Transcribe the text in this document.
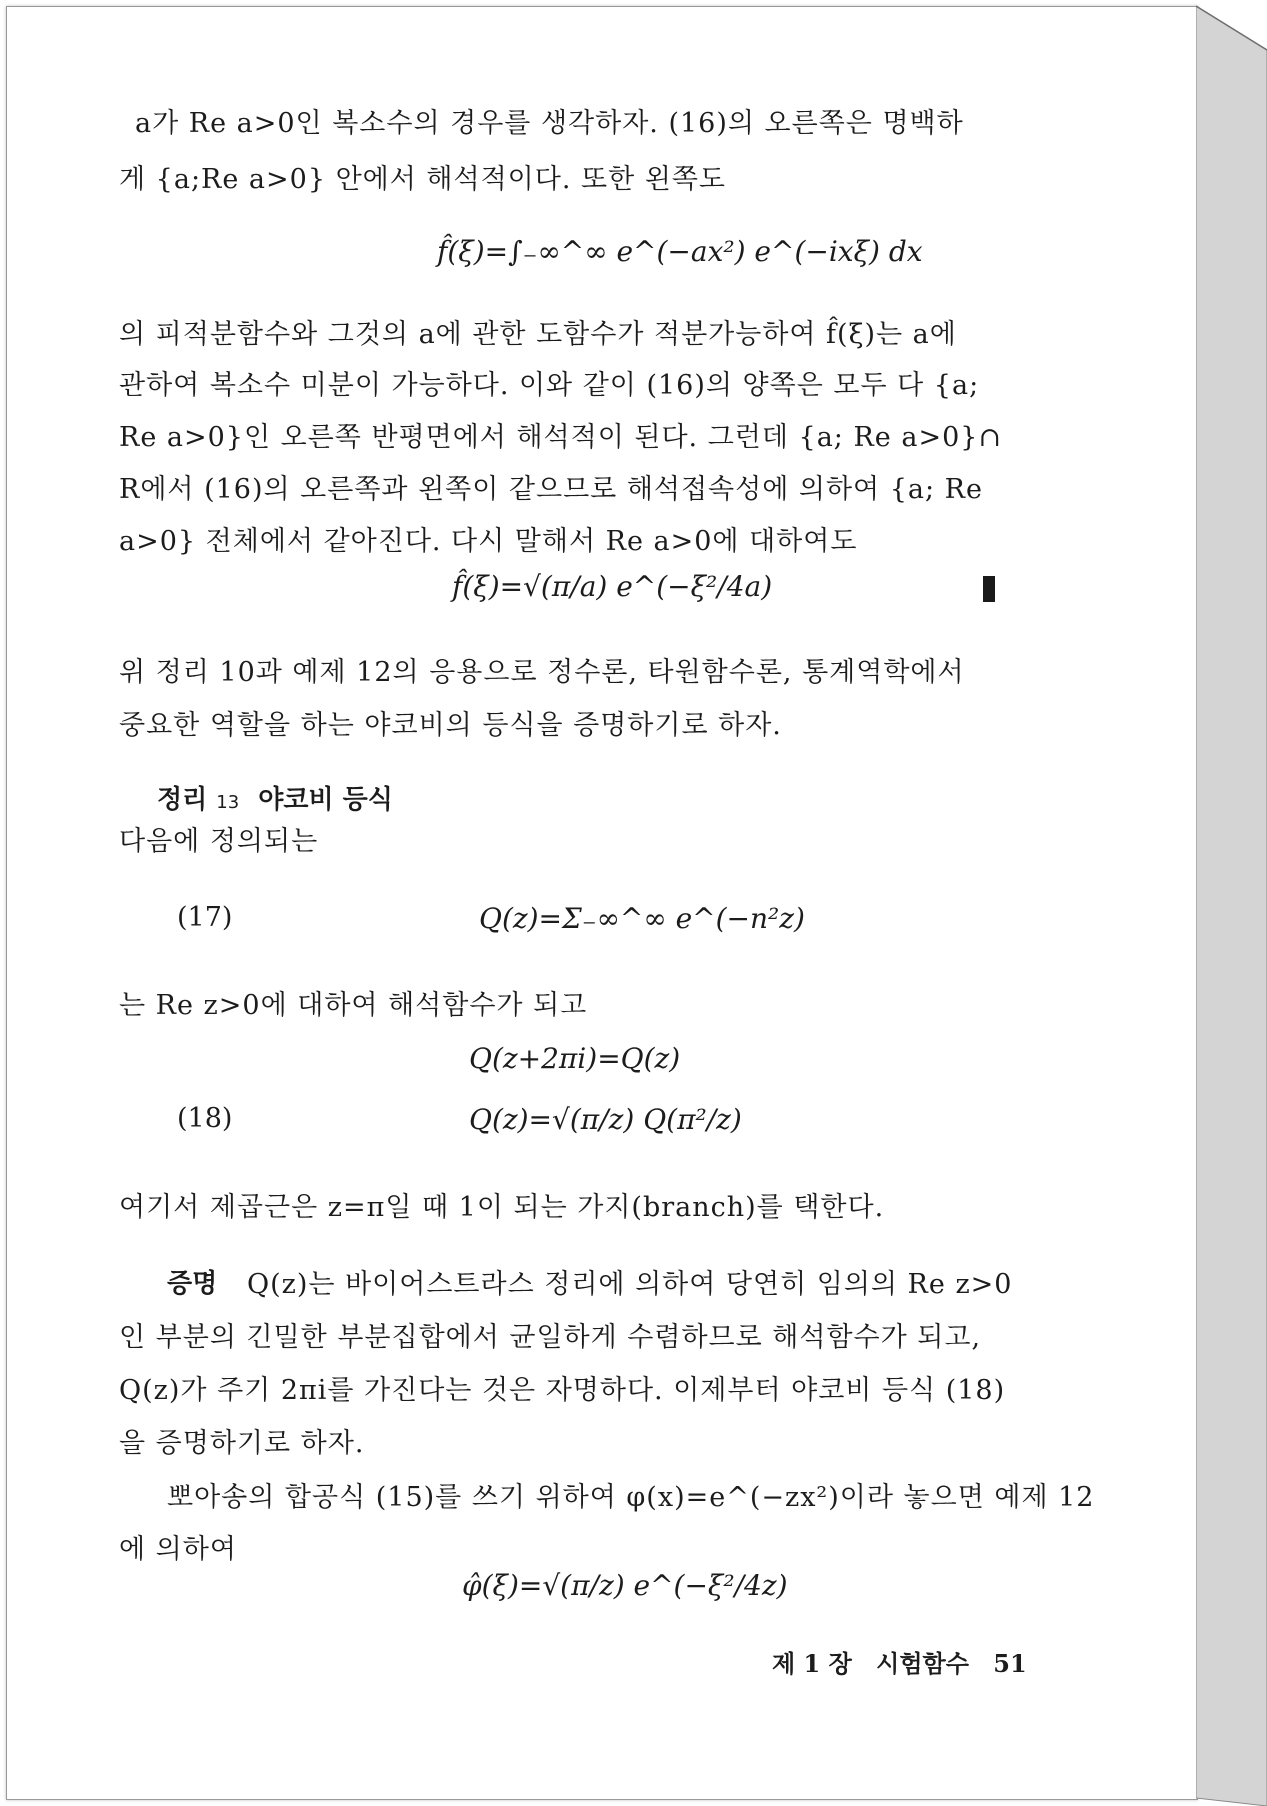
a가 Re a>0인 복소수의 경우를 생각하자. (16)의 오른쪽은 명백하
게 {a;Re a>0} 안에서 해석적이다. 또한 왼쪽도
f̂(ξ)=∫₋∞^∞ e^(−ax²) e^(−ixξ) dx
의 피적분함수와 그것의 a에 관한 도함수가 적분가능하여 f̂(ξ)는 a에
관하여 복소수 미분이 가능하다. 이와 같이 (16)의 양쪽은 모두 다 {a;
Re a>0}인 오른쪽 반평면에서 해석적이 된다. 그런데 {a; Re a>0}∩
R에서 (16)의 오른쪽과 왼쪽이 같으므로 해석접속성에 의하여 {a; Re
a>0} 전체에서 같아진다. 다시 말해서 Re a>0에 대하여도
f̂(ξ)=√(π/a) e^(−ξ²/4a)
위 정리 10과 예제 12의 응용으로 정수론, 타원함수론, 통계역학에서
중요한 역할을 하는 야코비의 등식을 증명하기로 하자.
정리 13 야코비 등식
다음에 정의되는
(17)	Q(z)=Σ₋∞^∞ e^(−n²z)
는 Re z>0에 대하여 해석함수가 되고
Q(z+2πi)=Q(z)
(18)	Q(z)=√(π/z) Q(π²/z)
여기서 제곱근은 z=π일 때 1이 되는 가지(branch)를 택한다.
증명 Q(z)는 바이어스트라스 정리에 의하여 당연히 임의의 Re z>0
인 부분의 긴밀한 부분집합에서 균일하게 수렴하므로 해석함수가 되고,
Q(z)가 주기 2πi를 가진다는 것은 자명하다. 이제부터 야코비 등식 (18)
을 증명하기로 하자.
뽀아송의 합공식 (15)를 쓰기 위하여 φ(x)=e^(−zx²)이라 놓으면 예제 12
에 의하여
φ̂(ξ)=√(π/z) e^(−ξ²/4z)
제 1 장 시험함수 51
